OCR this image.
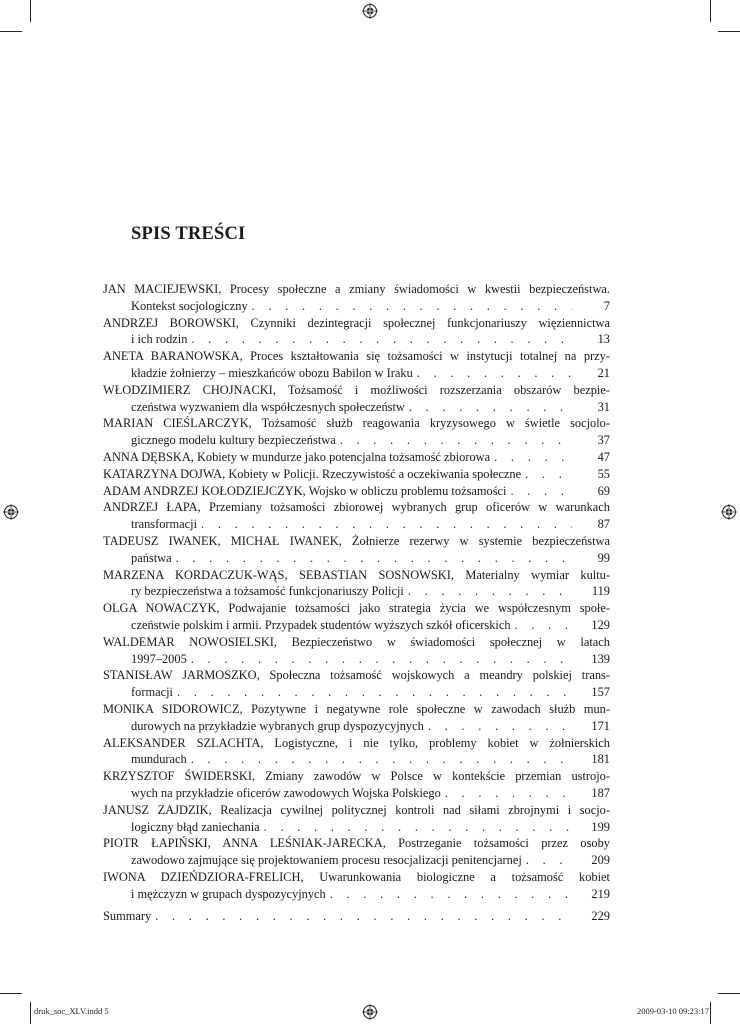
SPIS TREŚCI
JAN MACIEJEWSKI, Procesy społeczne a zmiany świadomości w kwestii bezpieczeństwa.
Kontekst socjologiczny . . .	7
ANDRZEJ BOROWSKI, Czynniki dezintegracji społecznej funkcjonariuszy więziennictwa
i ich rodzin . . .	13
ANETA BARANOWSKA, Proces kształtowania się tożsamości w instytucji totalnej na przy-
kładzie żołnierzy – mieszkańców obozu Babilon w Iraku . . .	21
WŁODZIMIERZ CHOJNACKI, Tożsamość i możliwości rozszerzania obszarów bezpie-
czeństwa wyzwaniem dla współczesnych społeczeństw . . .	31
MARIAN CIEŚLARCZYK, Tożsamość służb reagowania kryzysowego w świetle socjolo-
gicznego modelu kultury bezpieczeństwa . . .	37
ANNA DĘBSKA, Kobiety w mundurze jako potencjalna tożsamość zbiorowa . . .	47
KATARZYNA DOJWA, Kobiety w Policji. Rzeczywistość a oczekiwania społeczne . . .	55
ADAM ANDRZEJ KOŁODZIEJCZYK, Wojsko w obliczu problemu tożsamości . . .	69
ANDRZEJ ŁAPA, Przemiany tożsamości zbiorowej wybranych grup oficerów w warunkach
transformacji . . .	87
TADEUSZ IWANEK, MICHAŁ IWANEK, Żołnierze rezerwy w systemie bezpieczeństwa
państwa . . .	99
MARZENA KORDACZUK-WĄS, SEBASTIAN SOSNOWSKI, Materialny wymiar kultu-
ry bezpieczeństwa a tożsamość funkcjonariuszy Policji . . .	119
OLGA NOWACZYK, Podwajanie tożsamości jako strategia życia we współczesnym społe-
czeństwie polskim i armii. Przypadek studentów wyższych szkół oficerskich . . .	129
WALDEMAR NOWOSIELSKI, Bezpieczeństwo w świadomości społecznej w latach
1997–2005 . . .	139
STANISŁAW JARMOSZKO, Społeczna tożsamość wojskowych a meandry polskiej trans-
formacji . . .	157
MONIKA SIDOROWICZ, Pozytywne i negatywne role społeczne w zawodach służb mun-
durowych na przykładzie wybranych grup dyspozycyjnych . . .	171
ALEKSANDER SZLACHTA, Logistyczne, i nie tylko, problemy kobiet w żołnierskich
mundurach . . .	181
KRZYSZTOF ŚWIDERSKI, Zmiany zawodów w Polsce w kontekście przemian ustrojo-
wych na przykładzie oficerów zawodowych Wojska Polskiego . . .	187
JANUSZ ZAJDZIK, Realizacja cywilnej politycznej kontroli nad siłami zbrojnymi i socjo-
logiczny błąd zaniechania . . .	199
PIOTR ŁAPIŃSKI, ANNA LEŚNIAK-JARECKA, Postrzeganie tożsamości przez osoby
zawodowo zajmujące się projektowaniem procesu resocjalizacji penitencjarnej . . .	209
IWONA DZIEŃDZIORA-FRELICH, Uwarunkowania biologiczne a tożsamość kobiet
i mężczyzn w grupach dyspozycyjnych . . .	219
Summary . . .	229
druk_soc_XLV.indd 5	2009-03-10 09:23:17
